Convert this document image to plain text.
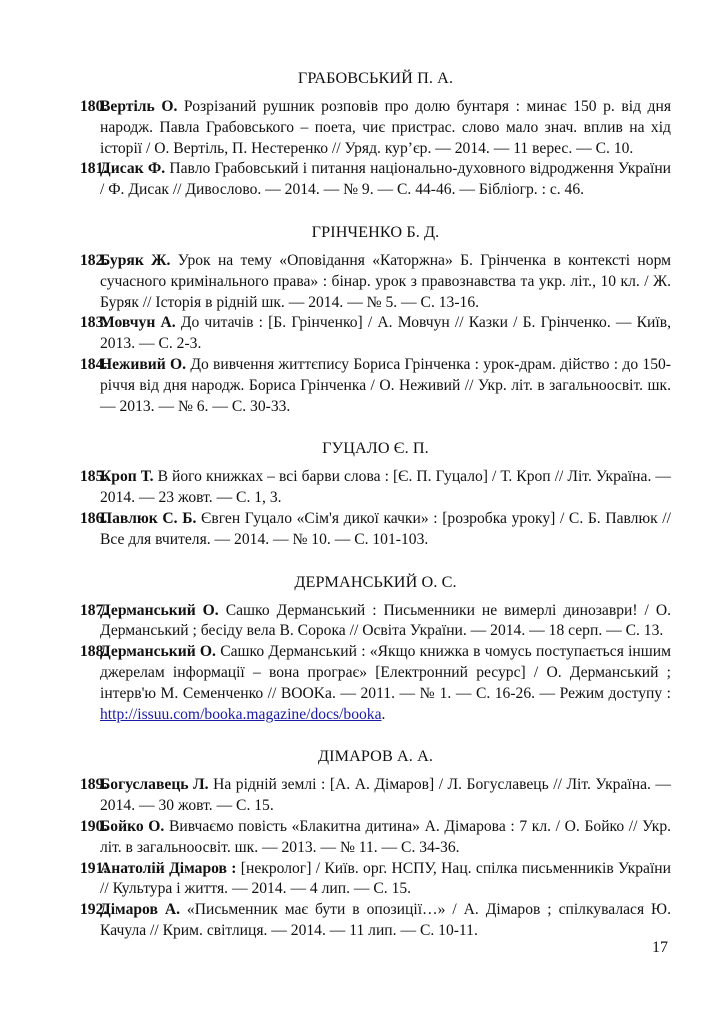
ГРАБОВСЬКИЙ П. А.
180.
Вертіль О. Розрізаний рушник розповів про долю бунтаря : минає 150 р. від дня народж. Павла Грабовського – поета, чиє пристрас. слово мало знач. вплив на хід історії / О. Вертіль, П. Нестеренко // Уряд. кур’єр. — 2014. — 11 верес. — С. 10.
181.
Дисак Ф. Павло Грабовський і питання національно-духовного відродження України / Ф. Дисак // Дивослово. — 2014. — № 9. — С. 44-46. — Бібліогр. : с. 46.
ГРІНЧЕНКО Б. Д.
182.
Буряк Ж. Урок на тему «Оповідання «Каторжна» Б. Грінченка в контексті норм сучасного кримінального права» : бінар. урок з правознавства та укр. літ., 10 кл. / Ж. Буряк // Історія в рідній шк. — 2014. — № 5. — С. 13-16.
183.
Мовчун А. До читачів : [Б. Грінченко] / А. Мовчун // Казки / Б. Грінченко. — Київ, 2013. — С. 2-3.
184.
Неживий О. До вивчення життєпису Бориса Грінченка : урок-драм. дійство : до 150-річчя від дня народж. Бориса Грінченка / О. Неживий // Укр. літ. в загальноосвіт. шк. — 2013. — № 6. — С. 30-33.
ГУЦАЛО Є. П.
185.
Кроп Т. В його книжках – всі барви слова : [Є. П. Гуцало] / Т. Кроп // Літ. Україна. — 2014. — 23 жовт. — С. 1, 3.
186.
Павлюк С. Б. Євген Гуцало «Сім'я дикої качки» : [розробка уроку] / С. Б. Павлюк // Все для вчителя. — 2014. — № 10. — С. 101-103.
ДЕРМАНСЬКИЙ О. С.
187.
Дерманський О. Сашко Дерманський : Письменники не вимерлі динозаври! / О. Дерманський ; бесіду вела В. Сорока // Освіта України. — 2014. — 18 серп. — С. 13.
188.
Дерманський О. Сашко Дерманський : «Якщо книжка в чомусь поступається іншим джерелам інформації – вона програє» [Електронний ресурс] / О. Дерманський ; інтерв'ю М. Семенченко // BOOKa. — 2011. — № 1. — С. 16-26. — Режим доступу : http://issuu.com/booka.magazine/docs/booka.
ДІМАРОВ А. А.
189.
Богуславець Л. На рідній землі : [А. А. Дімаров] / Л. Богуславець // Літ. Україна. — 2014. — 30 жовт. — С. 15.
190.
Бойко О. Вивчаємо повість «Блакитна дитина» А. Дімарова : 7 кл. / О. Бойко // Укр. літ. в загальноосвіт. шк. — 2013. — № 11. — С. 34-36.
191.
Анатолій Дімаров : [некролог] / Київ. орг. НСПУ, Нац. спілка письменників України // Культура і життя. — 2014. — 4 лип. — С. 15.
192.
Дімаров А. «Письменник має бути в опозиції…» / А. Дімаров ; спілкувалася Ю. Качула // Крим. світлиця. — 2014. — 11 лип. — С. 10-11.
17
